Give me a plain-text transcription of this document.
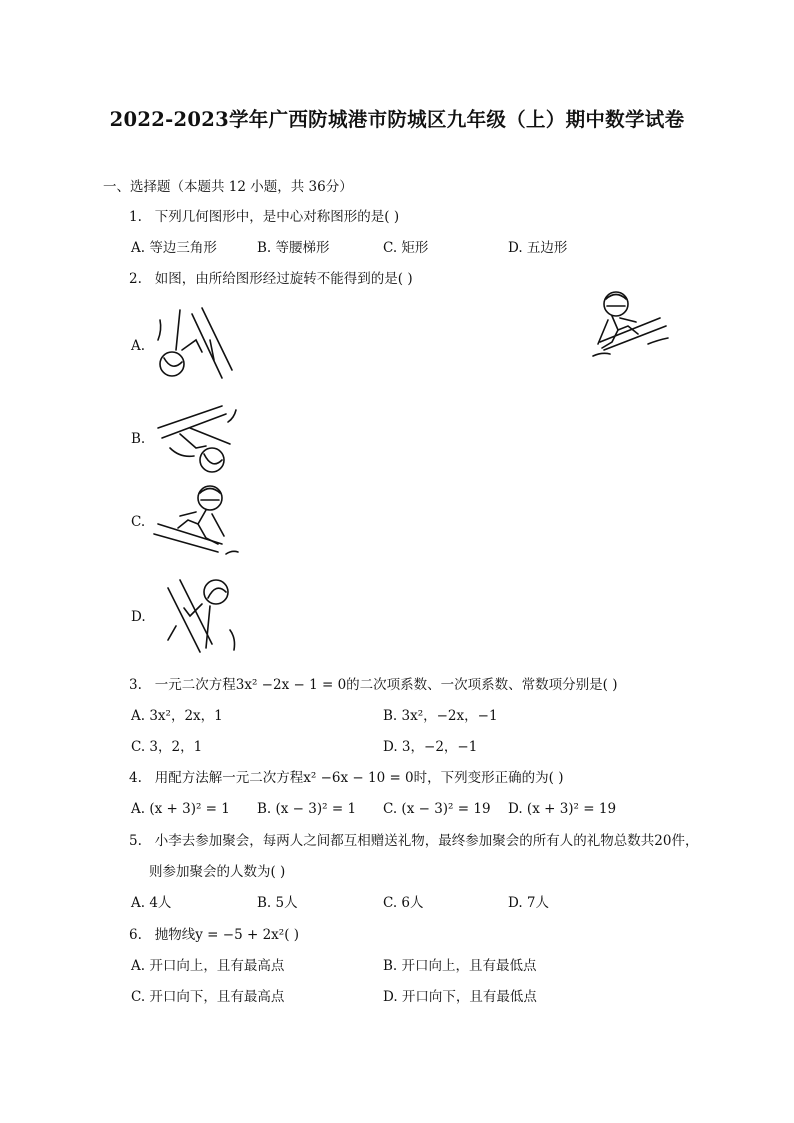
2022-2023学年广西防城港市防城区九年级（上）期中数学试卷
一、选择题（本题共 12 小题，共 36分）
1. 下列几何图形中，是中心对称图形的是( )
A. 等边三角形	B. 等腰梯形	C. 矩形	D. 五边形
2. 如图，由所给图形经过旋转不能得到的是( )
A.
B.
C.
D.
3. 一元二次方程3x² −2x − 1 = 0的二次项系数、一次项系数、常数项分别是( )
A. 3x²，2x，1	B. 3x²，−2x，−1
C. 3，2，1	D. 3，−2，−1
4. 用配方法解一元二次方程x² −6x − 10 = 0时，下列变形正确的为( )
A. (x + 3)² = 1 B. (x − 3)² = 1 C. (x − 3)² = 19 D. (x + 3)² = 19
5. 小李去参加聚会，每两人之间都互相赠送礼物，最终参加聚会的所有人的礼物总数共20件，
则参加聚会的人数为( )
A. 4人	B. 5人	C. 6人	D. 7人
6. 抛物线y = −5 + 2x²( )
A. 开口向上，且有最高点	B. 开口向上，且有最低点
C. 开口向下，且有最高点	D. 开口向下，且有最低点
